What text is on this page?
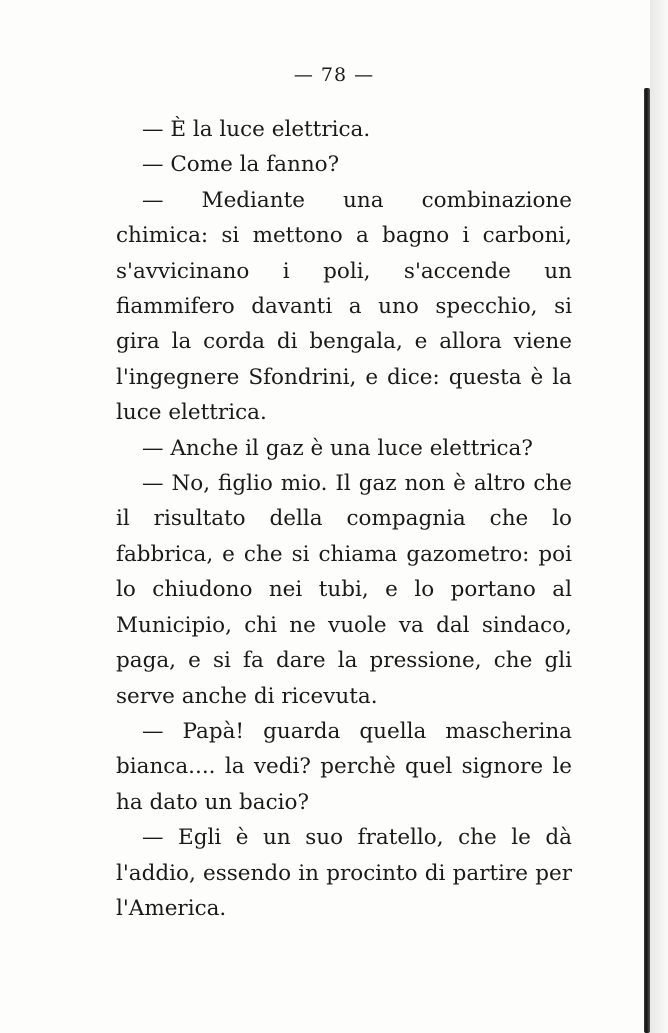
— 78 —

— È la luce elettrica.

— Come la fanno?

— Mediante una combinazione chimica: si mettono a bagno i carboni, s'avvicinano i poli, s'accende un fiammifero davanti a uno specchio, si gira la corda di bengala, e allora viene l'ingegnere Sfondrini, e dice: questa è la luce elettrica.

— Anche il gaz è una luce elettrica?

— No, figlio mio. Il gaz non è altro che il risultato della compagnia che lo fabbrica, e che si chiama gazometro: poi lo chiudono nei tubi, e lo portano al Municipio, chi ne vuole va dal sindaco, paga, e si fa dare la pressione, che gli serve anche di ricevuta.

— Papà! guarda quella mascherina bianca.... la vedi? perchè quel signore le ha dato un bacio?

— Egli è un suo fratello, che le dà l'addio, essendo in procinto di partire per l'America.
